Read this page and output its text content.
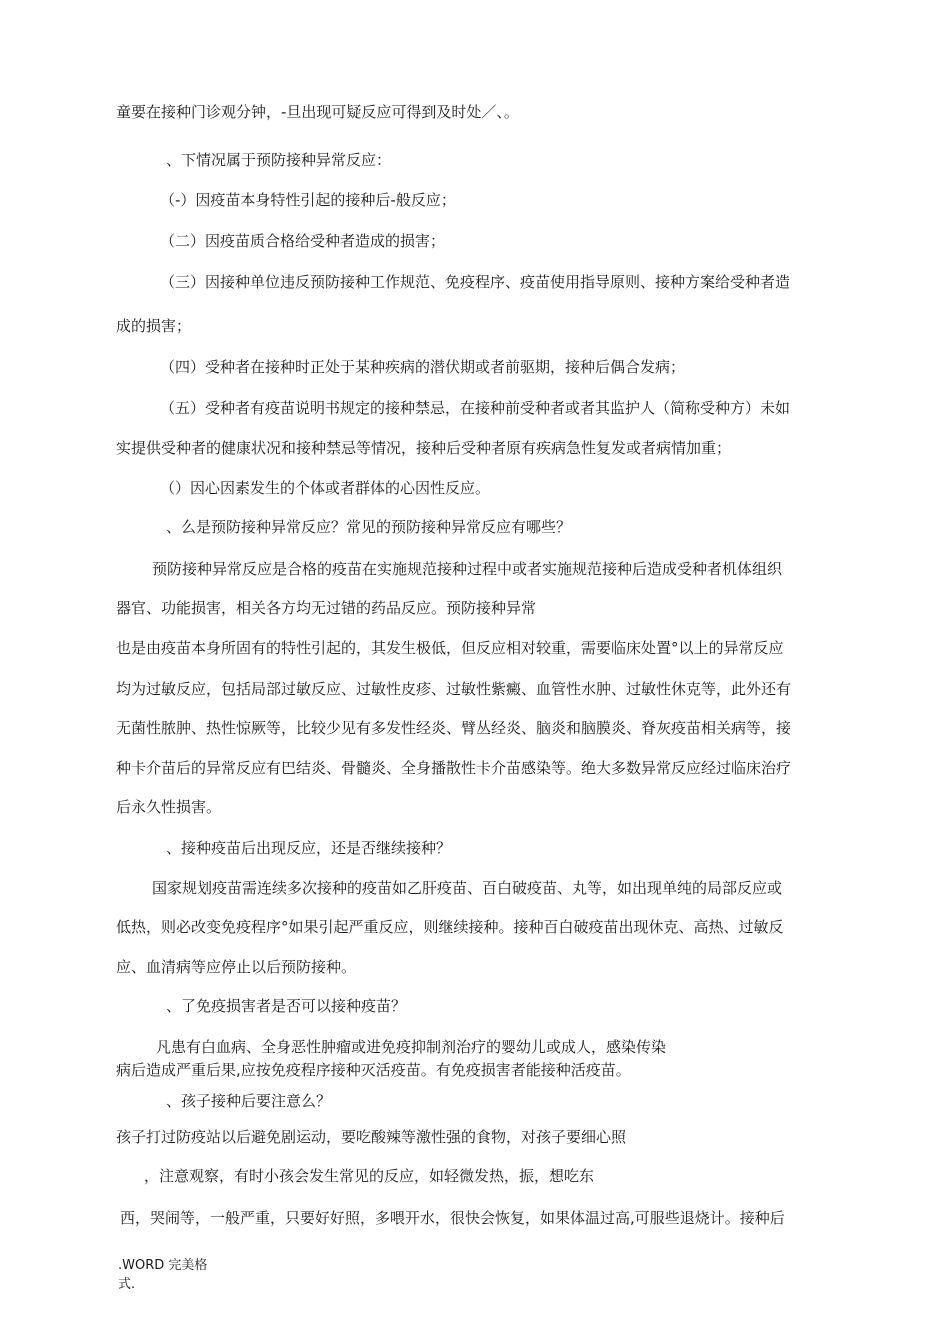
童要在接种门诊观分钟，-旦出现可疑反应可得到及时处／、。
、下情况属于预防接种异常反应：
（-）因疫苗本身特性引起的接种后-般反应；
（二）因疫苗质合格给受种者造成的损害；
（三）因接种单位违反预防接种工作规范、免疫程序、疫苗使用指导原则、接种方案给受种者造
成的损害；
（四）受种者在接种时正处于某种疾病的潜伏期或者前驱期，接种后偶合发病；
（五）受种者有疫苗说明书规定的接种禁忌，在接种前受种者或者其监护人（简称受种方）未如
实提供受种者的健康状况和接种禁忌等情况，接种后受种者原有疾病急性复发或者病情加重；
（）因心因素发生的个体或者群体的心因性反应。
、么是预防接种异常反应？常见的预防接种异常反应有哪些？
预防接种异常反应是合格的疫苗在实施规范接种过程中或者实施规范接种后造成受种者机体组织
器官、功能损害，相关各方均无过错的药品反应。预防接种异常
也是由疫苗本身所固有的特性引起的，其发生极低，但反应相对较重，需要临床处置°以上的异常反应
均为过敏反应，包括局部过敏反应、过敏性皮疹、过敏性紫癜、血管性水肿、过敏性休克等，此外还有
无菌性脓肿、热性惊厥等，比较少见有多发性经炎、臂丛经炎、脑炎和脑膜炎、脊灰疫苗相关病等，接
种卡介苗后的异常反应有巴结炎、骨髓炎、全身播散性卡介苗感染等。绝大多数异常反应经过临床治疗
后永久性损害。
、接种疫苗后出现反应，还是否继续接种？
国家规划疫苗需连续多次接种的疫苗如乙肝疫苗、百白破疫苗、丸等，如出现单纯的局部反应或
低热，则必改变免疫程序°如果引起严重反应，则继续接种。接种百白破疫苗出现休克、高热、过敏反
应、血清病等应停止以后预防接种。
、了免疫损害者是否可以接种疫苗？
凡患有白血病、全身恶性肿瘤或进免疫抑制剂治疗的婴幼儿或成人，感染传染
病后造成严重后果,应按免疫程序接种灭活疫苗。有免疫损害者能接种活疫苗。
、孩子接种后要注意么？
孩子打过防疫站以后避免剧运动，要吃酸辣等激性强的食物，对孩子要细心照
，注意观察，有时小孩会发生常见的反应，如轻微发热，振，想吃东
西，哭闹等，一般严重，只要好好照，多喂开水，很快会恢复，如果体温过高,可服些退烧计。接种后
.WORD 完美格
式.
